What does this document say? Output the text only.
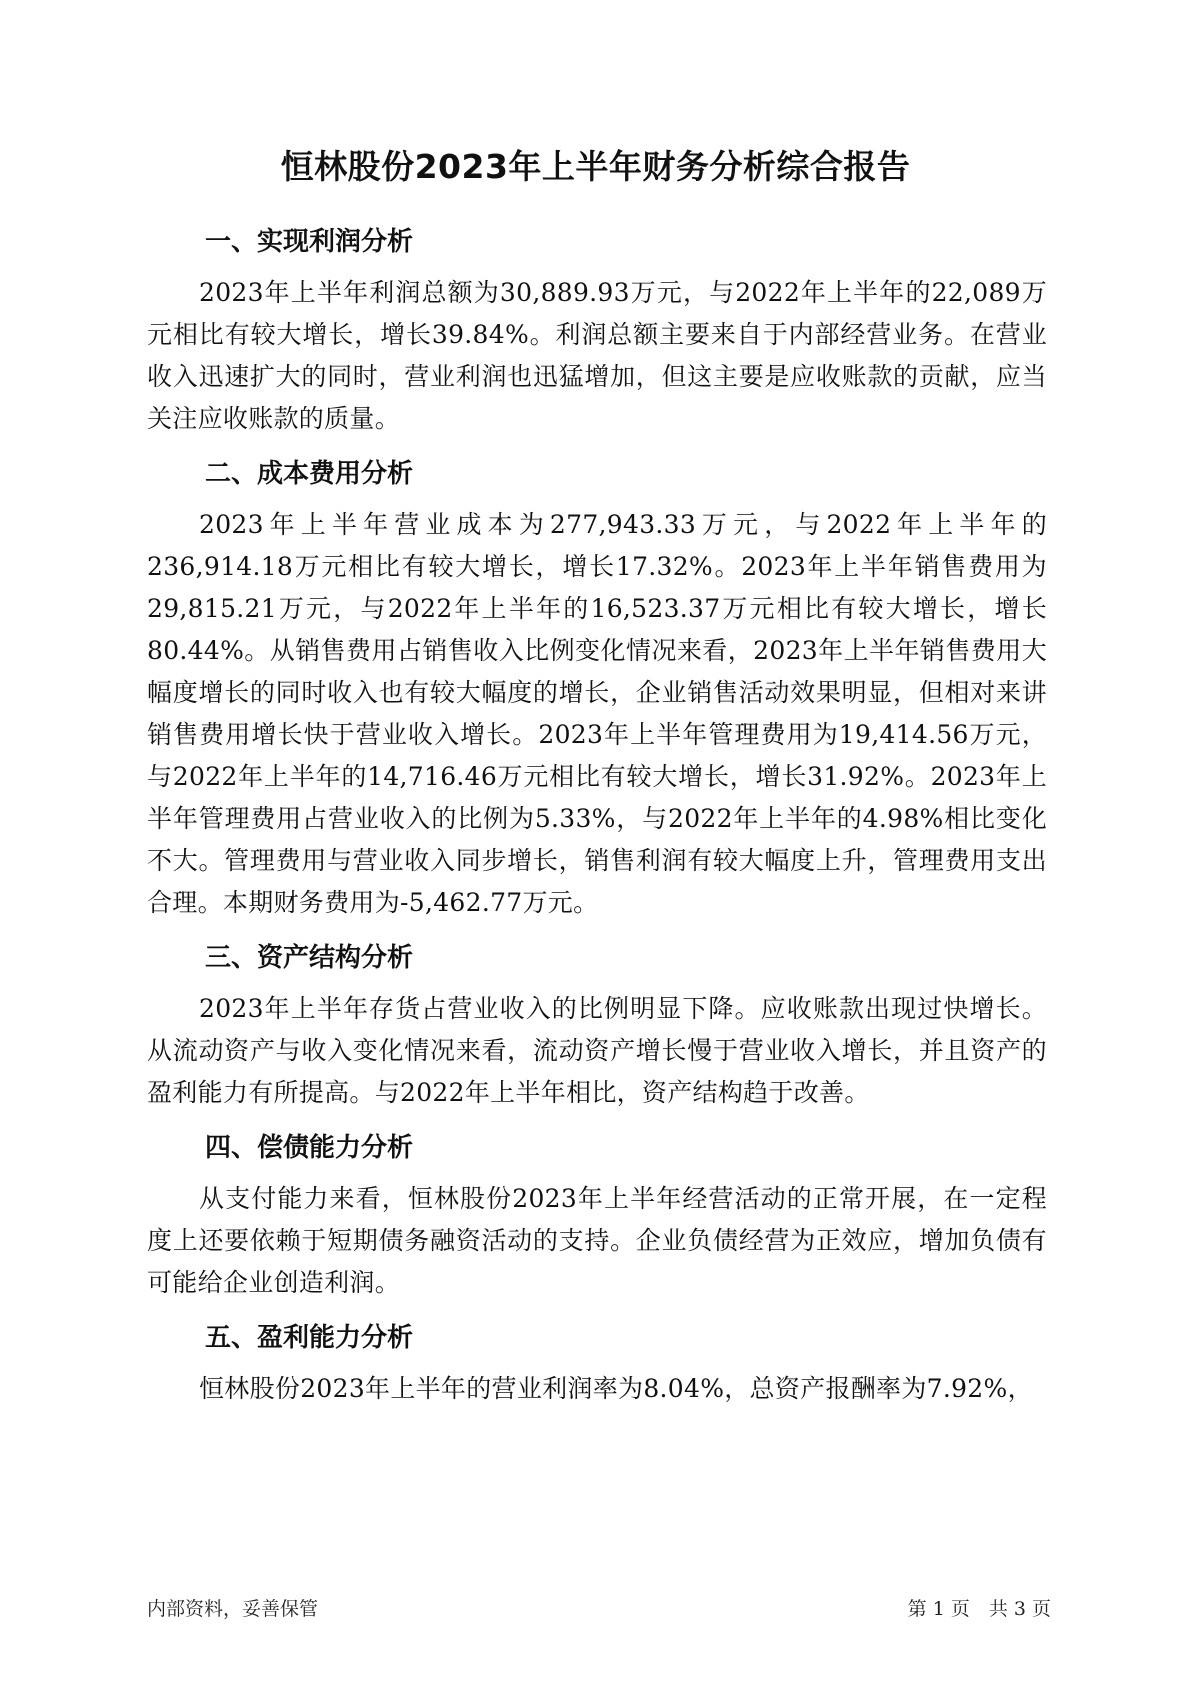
恒林股份2023年上半年财务分析综合报告
一、实现利润分析

2023年上半年利润总额为30,889.93万元，与2022年上半年的22,089万元相比有较大增长，增长39.84%。利润总额主要来自于内部经营业务。在营业收入迅速扩大的同时，营业利润也迅猛增加，但这主要是应收账款的贡献，应当关注应收账款的质量。

二、成本费用分析

2023年上半年营业成本为277,943.33万元，与2022年上半年的236,914.18万元相比有较大增长，增长17.32%。2023年上半年销售费用为29,815.21万元，与2022年上半年的16,523.37万元相比有较大增长，增长80.44%。从销售费用占销售收入比例变化情况来看，2023年上半年销售费用大幅度增长的同时收入也有较大幅度的增长，企业销售活动效果明显，但相对来讲销售费用增长快于营业收入增长。2023年上半年管理费用为19,414.56万元，与2022年上半年的14,716.46万元相比有较大增长，增长31.92%。2023年上半年管理费用占营业收入的比例为5.33%，与2022年上半年的4.98%相比变化不大。管理费用与营业收入同步增长，销售利润有较大幅度上升，管理费用支出合理。本期财务费用为-5,462.77万元。

三、资产结构分析

2023年上半年存货占营业收入的比例明显下降。应收账款出现过快增长。从流动资产与收入变化情况来看，流动资产增长慢于营业收入增长，并且资产的盈利能力有所提高。与2022年上半年相比，资产结构趋于改善。

四、偿债能力分析

从支付能力来看，恒林股份2023年上半年经营活动的正常开展，在一定程度上还要依赖于短期债务融资活动的支持。企业负债经营为正效应，增加负债有可能给企业创造利润。

五、盈利能力分析

恒林股份2023年上半年的营业利润率为8.04%，总资产报酬率为7.92%，

内部资料，妥善保管	第 1 页　共 3 页
